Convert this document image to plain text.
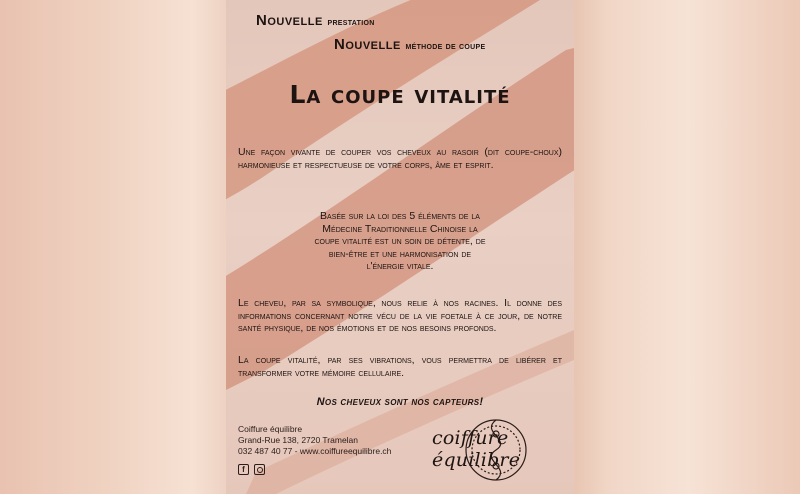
Nouvelle prestation

Nouvelle méthode de coupe

La coupe vitalité

Une façon vivante de couper vos cheveux au rasoir (dit coupe-choux) harmonieuse et respectueuse de votre corps, âme et esprit.

Basée sur la loi des 5 éléments de la
Médecine Traditionnelle Chinoise la
coupe vitalité est un soin de détente, de
bien-être et une harmonisation de
l'énergie vitale.

Le cheveu, par sa symbolique, nous relie à nos racines. Il donne des informations concernant notre vécu de la vie foetale à ce jour, de notre santé physique, de nos émotions et de nos besoins profonds.

La coupe vitalité, par ses vibrations, vous permettra de libérer et transformer votre mémoire cellulaire.

Nos cheveux sont nos capteurs!

Coiffure équilibre
Grand-Rue 138, 2720 Tramelan
032 487 40 77 - www.coiffureequilibre.ch
f
coiffure équilibre
